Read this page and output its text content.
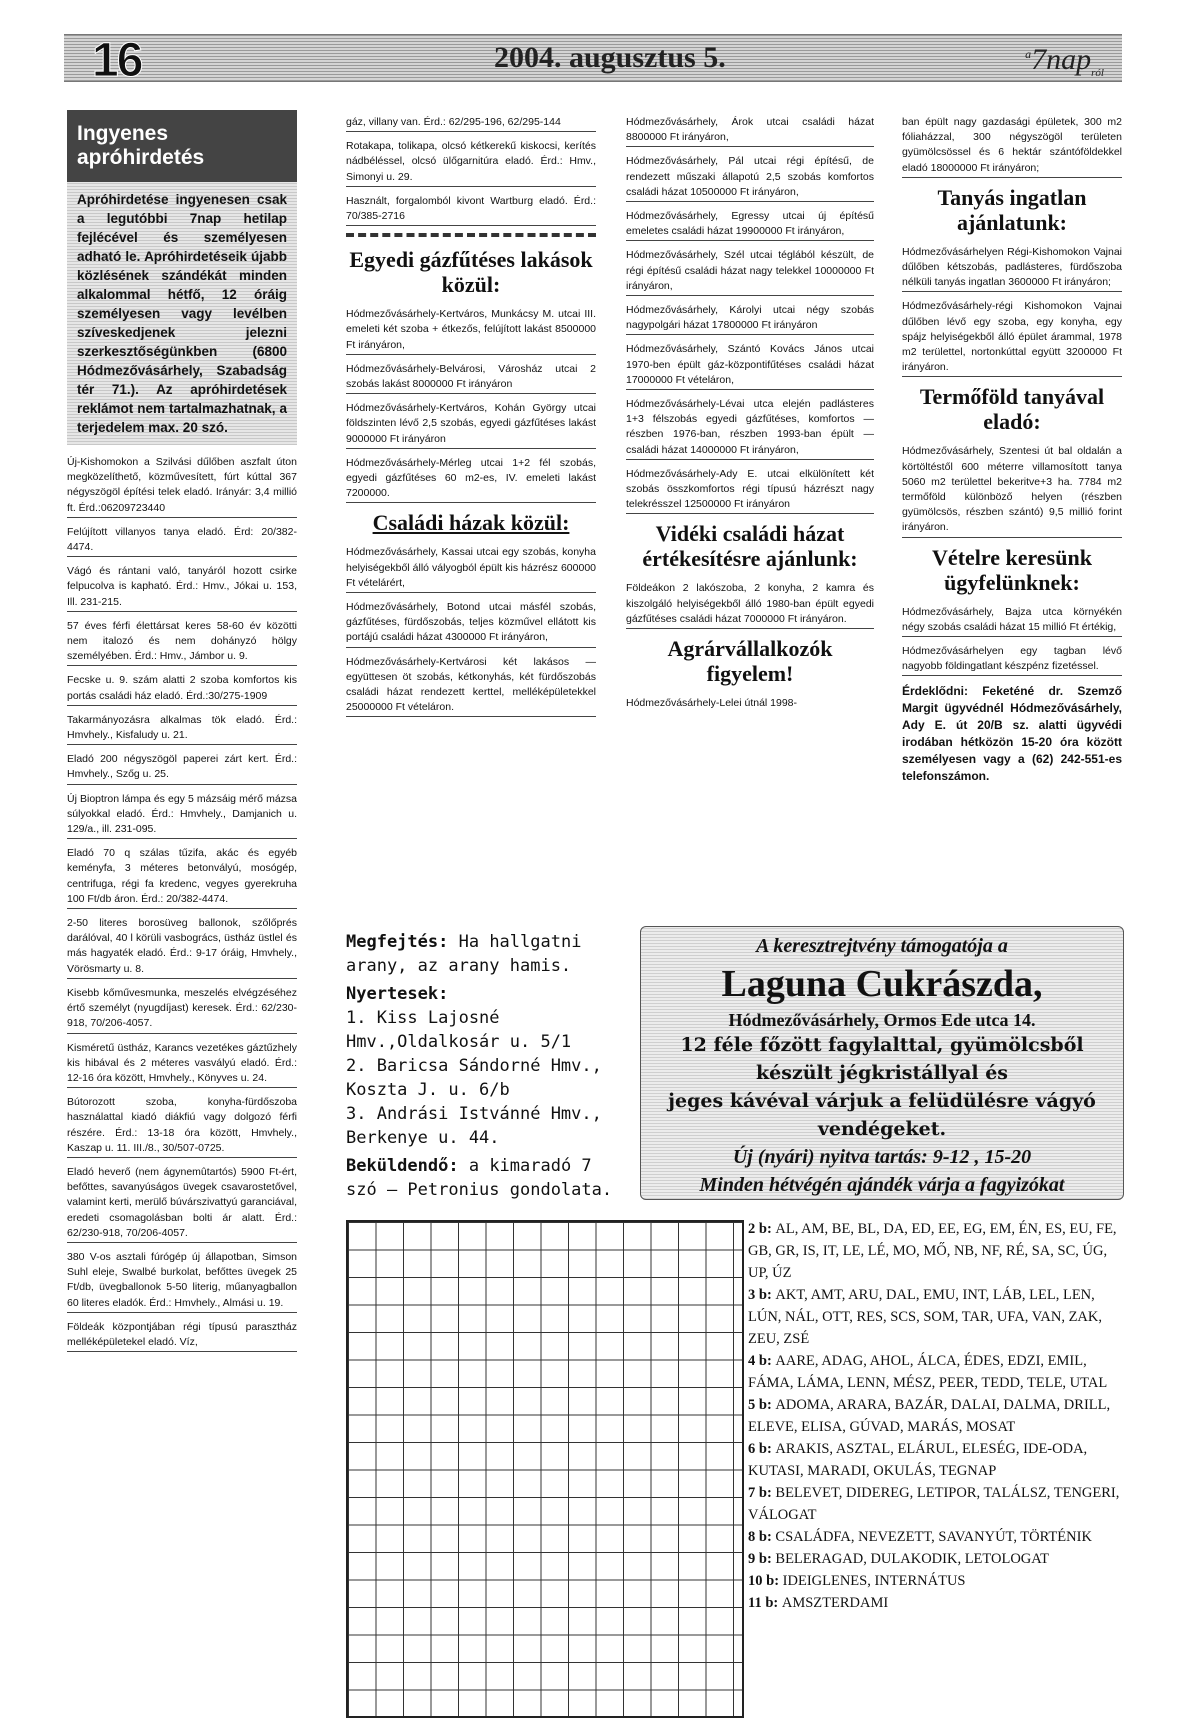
16	2004. augusztus 5.	$^a$7nap$_{ról}$
Ingyenes apróhirdetés
Apróhirdetése ingyenesen csak a legutóbbi 7nap hetilap fejlécével és személyesen adható le. Apróhirdetéseik újabb közlésének szándékát minden alkalommal hétfő, 12 óráig személyesen vagy levélben szíveskedjenek jelezni szerkesztőségünkben (6800 Hódmezővásárhely, Szabadság tér 71.). Az apróhirdetések reklámot nem tartalmazhatnak, a terjedelem max. 20 szó.

Új-Kishomokon a Szilvási dűlőben aszfalt úton megközelíthető, közművesített, fúrt kúttal 367 négyszögöl építési telek eladó. Irányár: 3,4 millió ft. Érd.:06209723440

Felújított villanyos tanya eladó. Érd: 20/382-4474.

Vágó és rántani való, tanyáról hozott csirke felpucolva is kapható. Érd.: Hmv., Jókai u. 153, Ill. 231-215.

57 éves férfi élettársat keres 58-60 év közötti nem italozó és nem dohányzó hölgy személyében. Érd.: Hmv., Jámbor u. 9.

Fecske u. 9. szám alatti 2 szoba komfortos kis portás családi ház eladó. Érd.:30/275-1909

Takarmányozásra alkalmas tök eladó. Érd.: Hmvhely., Kisfaludy u. 21.

Eladó 200 négyszögöl paperei zárt kert. Érd.: Hmvhely., Szőg u. 25.

Új Bioptron lámpa és egy 5 mázsáig mérő mázsa súlyokkal eladó. Érd.: Hmvhely., Damjanich u. 129/a., ill. 231-095.

Eladó 70 q szálas tűzifa, akác és egyéb keményfa, 3 méteres betonvályú, mosógép, centrifuga, régi fa kredenc, vegyes gyerekruha 100 Ft/db áron. Érd.: 20/382-4474.

2-50 literes borosüveg ballonok, szőlőprés darálóval, 40 l körüli vasbogrács, üstház üstlel és más hagyaték eladó. Érd.: 9-17 óráig, Hmvhely., Vörösmarty u. 8.

Kisebb kőművesmunka, meszelés elvégzéséhez értő személyt (nyugdíjast) keresek. Érd.: 62/230-918, 70/206-4057.

Kisméretű üstház, Karancs vezetékes gáztűzhely kis hibával és 2 méteres vasvályú eladó. Érd.: 12-16 óra között, Hmvhely., Könyves u. 24.

Bútorozott szoba, konyha-fürdőszoba használattal kiadó diákfiú vagy dolgozó férfi részére. Érd.: 13-18 óra között, Hmvhely., Kaszap u. 11. III./8., 30/507-0725.

Eladó heverő (nem ágynemûtartós) 5900 Ft-ért, befőttes, savanyúságos üvegek csavarostetővel, valamint kerti, merülő búvárszivattyú garanciával, eredeti csomagolásban bolti ár alatt. Érd.: 62/230-918, 70/206-4057.

380 V-os asztali fúrógép új állapotban, Simson Suhl eleje, Swalbé burkolat, befőttes üvegek 25 Ft/db, üvegballonok 5-50 literig, műanyagballon 60 literes eladók. Érd.: Hmvhely., Almási u. 19.

Földeák központjában régi típusú parasztház melléképületekel eladó. Víz,

gáz, villany van. Érd.: 62/295-196, 62/295-144

Rotakapa, tolikapa, olcsó kétkerekű kiskocsi, kerítés nádbéléssel, olcsó ülőgarnitúra eladó. Érd.: Hmv., Simonyi u. 29.

Használt, forgalomból kivont Wartburg eladó. Érd.: 70/385-2716

Egyedi gázfűtéses lakások közül:

Hódmezővásárhely-Kertváros, Munkácsy M. utcai III. emeleti két szoba + étkezős, felújított lakást 8500000 Ft irányáron,

Hódmezővásárhely-Belvárosi, Városház utcai 2 szobás lakást 8000000 Ft irányáron

Hódmezővásárhely-Kertváros, Kohán György utcai földszinten lévő 2,5 szobás, egyedi gázfűtéses lakást 9000000 Ft irányáron

Hódmezővásárhely-Mérleg utcai 1+2 fél szobás, egyedi gázfűtéses 60 m2-es, IV. emeleti lakást 7200000.

Családi házak közül:

Hódmezővásárhely, Kassai utcai egy szobás, konyha helyiségekből álló vályogból épült kis házrész 600000 Ft vételárért,

Hódmezővásárhely, Botond utcai másfél szobás, gázfűtéses, fürdőszobás, teljes közművel ellátott kis portájú családi házat 4300000 Ft irányáron,

Hódmezővásárhely-Kertvárosi két lakásos — együttesen öt szobás, kétkonyhás, két fürdőszobás családi házat rendezett kerttel, melléképületekkel 25000000 Ft vételáron.

Hódmezővásárhely, Árok utcai családi házat 8800000 Ft irányáron,

Hódmezővásárhely, Pál utcai régi építésű, de rendezett műszaki állapotú 2,5 szobás komfortos családi házat 10500000 Ft irányáron,

Hódmezővásárhely, Egressy utcai új építésű emeletes családi házat 19900000 Ft irányáron,

Hódmezővásárhely, Szél utcai téglából készült, de régi építésű családi házat nagy telekkel 10000000 Ft irányáron,

Hódmezővásárhely, Károlyi utcai négy szobás nagypolgári házat 17800000 Ft irányáron

Hódmezővásárhely, Szántó Kovács János utcai 1970-ben épült gáz-központifűtéses családi házat 17000000 Ft vételáron,

Hódmezővásárhely-Lévai utca elején padlásteres 1+3 félszobás egyedi gázfűtéses, komfortos — részben 1976-ban, részben 1993-ban épült — családi házat 14000000 Ft irányáron,

Hódmezővásárhely-Ady E. utcai elkülönített két szobás összkomfortos régi típusú házrészt nagy telekrésszel 12500000 Ft irányáron

Vidéki családi házat értékesítésre ajánlunk:

Földeákon 2 lakószoba, 2 konyha, 2 kamra és kiszolgáló helyiségekből álló 1980-ban épült egyedi gázfűtéses családi házat 7000000 Ft irányáron.

Agrárvállalkozók figyelem!
Hódmezővásárhely-Lelei útnál 1998-

ban épült nagy gazdasági épületek, 300 m2 fóliaházzal, 300 négyszögöl területen gyümölcsössel és 6 hektár szántóföldekkel eladó 18000000 Ft irányáron;

Tanyás ingatlan ajánlatunk:

Hódmezővásárhelyen Régi-Kishomokon Vajnai dűlőben kétszobás, padlásteres, fürdőszoba nélküli tanyás ingatlan 3600000 Ft irányáron;

Hódmezővásárhely-régi Kishomokon Vajnai dűlőben lévő egy szoba, egy konyha, egy spájz helyiségekből álló épület árammal, 1978 m2 területtel, nortonkúttal együtt 3200000 Ft irányáron.

Termőföld tanyával eladó:

Hódmezővásárhely, Szentesi út bal oldalán a körtöltéstől 600 méterre villamosított tanya 5060 m2 területtel bekeritve+3 ha. 7784 m2 termőföld különböző helyen (részben gyümölcsös, részben szántó) 9,5 millió forint irányáron.

Vételre keresünk ügyfelünknek:

Hódmezővásárhely, Bajza utca környékén négy szobás családi házat 15 millió Ft értékig,

Hódmezővásárhelyen egy tagban lévő nagyobb földingatlant készpénz fizetéssel.

Érdeklődni: Feketéné dr. Szemző Margit ügyvédnél Hódmezővásárhely, Ady E. út 20/B sz. alatti ügyvédi irodában hétközön 15-20 óra között személyesen vagy a (62) 242-551-es telefonszámon.
Megfejtés: Ha hallgatni arany, az arany hamis.
Nyertesek:
1. Kiss Lajosné Hmv.,Oldalkosár u. 5/1
2. Baricsa Sándorné Hmv., Koszta J. u. 6/b
3. Andrási Istvánné Hmv., Berkenye u. 44.
Beküldendő: a kimaradó 7 szó — Petronius gondolata.
A keresztrejtvény támogatója a
Laguna Cukrászda,
Hódmezővásárhely, Ormos Ede utca 14.
12 féle főzött fagylalttal, gyümölcsből
készült jégkristállyal és
jeges kávéval várjuk a felüdülésre vágyó
vendégeket.
Új (nyári) nyitva tartás: 9-12 , 15-20
Minden hétvégén ajándék várja a fagyizókat
2 b: AL, AM, BE, BL, DA, ED, EE, EG, EM, ÉN, ES, EU, FE, GB, GR, IS, IT, LE, LÉ, MO, MŐ, NB, NF, RÉ, SA, SC, ÚG, UP, ÚZ
3 b: AKT, AMT, ARU, DAL, EMU, INT, LÁB, LEL, LEN, LÚN, NÁL, OTT, RES, SCS, SOM, TAR, UFA, VAN, ZAK, ZEU, ZSÉ
4 b: AARE, ADAG, AHOL, ÁLCA, ÉDES, EDZI, EMIL, FÁMA, LÁMA, LENN, MÉSZ, PEER, TEDD, TELE, UTAL
5 b: ADOMA, ARARA, BAZÁR, DALAI, DALMA, DRILL, ELEVE, ELISA, GÚVAD, MARÁS, MOSAT
6 b: ARAKIS, ASZTAL, ELÁRUL, ELESÉG, IDE-ODA, KUTASI, MARADI, OKULÁS, TEGNAP
7 b: BELEVET, DIDEREG, LETIPOR, TALÁLSZ, TENGERI, VÁLOGAT
8 b: CSALÁDFA, NEVEZETT, SAVANYÚT, TÖRTÉNIK
9 b: BELERAGAD, DULAKODIK, LETOLOGAT
10 b: IDEIGLENES, INTERNÁTUS
11 b: AMSZTERDAMI
